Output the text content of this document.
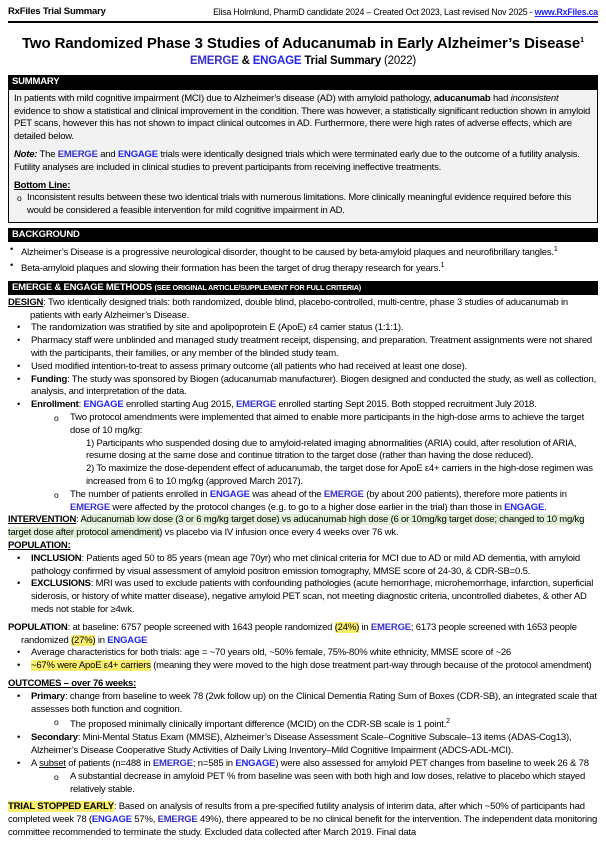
RxFiles Trial Summary	Elisa Holmlund, PharmD candidate 2024 – Created Oct 2023, Last revised Nov 2025 - www.RxFiles.ca
Two Randomized Phase 3 Studies of Aducanumab in Early Alzheimer’s Disease$^1$
EMERGE & ENGAGE Trial Summary (2022)
SUMMARY

In patients with mild cognitive impairment (MCI) due to Alzheimer’s disease (AD) with amyloid pathology, aducanumab had inconsistent evidence to show a statistical and clinical improvement in the condition. There was however, a statistically significant reduction shown in amyloid PET scans, however this has not shown to impact clinical outcomes in AD. Furthermore, there were high rates of adverse effects, which are detailed below.

Note: The EMERGE and ENGAGE trials were identically designed trials which were terminated early due to the outcome of a futility analysis. Futility analyses are included in clinical studies to prevent participants from receiving ineffective treatments.

Bottom Line:

o Inconsistent results between these two identical trials with numerous limitations. More clinically meaningful evidence required before this would be considered a feasible intervention for mild cognitive impairment in AD.
BACKGROUND
• Alzheimer’s Disease is a progressive neurological disorder, thought to be caused by beta-amyloid plaques and neurofibrillary tangles.$^1$
• Beta-amyloid plaques and slowing their formation has been the target of drug therapy research for years.$^1$
EMERGE & ENGAGE METHODS (SEE ORIGINAL ARTICLE/SUPPLEMENT FOR FULL CRITERIA)

DESIGN: Two identically designed trials: both randomized, double blind, placebo-controlled, multi-centre, phase 3 studies of aducanumab in patients with early Alzheimer’s Disease.

• The randomization was stratified by site and apolipoprotein E (ApoE) ε4 carrier status (1:1:1).
• Pharmacy staff were unblinded and managed study treatment receipt, dispensing, and preparation. Treatment assignments were not shared with the participants, their families, or any member of the blinded study team.
• Used modified intention-to-treat to assess primary outcome (all patients who had received at least one dose).
• Funding: The study was sponsored by Biogen (aducanumab manufacturer). Biogen designed and conducted the study, as well as collection, analysis, and interpretation of the data.
• Enrollment: ENGAGE enrolled starting Aug 2015, EMERGE enrolled starting Sept 2015. Both stopped recruitment July 2018.
o Two protocol amendments were implemented that aimed to enable more participants in the high-dose arms to achieve the target dose of 10 mg/kg:
1) Participants who suspended dosing due to amyloid-related imaging abnormalities (ARIA) could, after resolution of ARIA, resume dosing at the same dose and continue titration to the target dose (rather than having the dose reduced).
2) To maximize the dose-dependent effect of aducanumab, the target dose for ApoE ε4+ carriers in the high-dose regimen was increased from 6 to 10 mg/kg (approved March 2017).
o The number of patients enrolled in ENGAGE was ahead of the EMERGE (by about 200 patients), therefore more patients in EMERGE were affected by the protocol changes (e.g. to go to a higher dose earlier in the trial) than those in ENGAGE.

INTERVENTION: Aducanumab low dose (3 or 6 mg/kg target dose) vs aducanumab high dose (6 or 10mg/kg target dose; changed to 10 mg/kg target dose after protocol amendment) vs placebo via IV infusion once every 4 weeks over 76 wk.

POPULATION:

• INCLUSION: Patients aged 50 to 85 years (mean age 70yr) who met clinical criteria for MCI due to AD or mild AD dementia, with amyloid pathology confirmed by visual assessment of amyloid positron emission tomography, MMSE score of 24-30, & CDR-SB=0.5.
• EXCLUSIONS: MRI was used to exclude patients with confounding pathologies (acute hemorrhage, microhemorrhage, infarction, superficial siderosis, or history of white matter disease), negative amyloid PET scan, not meeting diagnostic criteria, uncontrolled diabetes, & other AD meds not stable for ≥4wk.

POPULATION: at baseline: 6757 people screened with 1643 people randomized (24%) in EMERGE; 6173 people screened with 1653 people randomized (27%) in ENGAGE

• Average characteristics for both trials: age = ~70 years old, ~50% female, 75%-80% white ethnicity, MMSE score of ~26
• ~67% were ApoE ε4+ carriers (meaning they were moved to the high dose treatment part-way through because of the protocol amendment)

OUTCOMES – over 76 weeks:

• Primary: change from baseline to week 78 (2wk follow up) on the Clinical Dementia Rating Sum of Boxes (CDR-SB), an integrated scale that assesses both function and cognition.
o The proposed minimally clinically important difference (MCID) on the CDR-SB scale is 1 point.$^2$
• Secondary: Mini-Mental Status Exam (MMSE), Alzheimer’s Disease Assessment Scale–Cognitive Subscale–13 items (ADAS-Cog13), Alzheimer’s Disease Cooperative Study Activities of Daily Living Inventory–Mild Cognitive Impairment (ADCS-ADL-MCI).
• A subset of patients (n=488 in EMERGE; n=585 in ENGAGE) were also assessed for amyloid PET changes from baseline to week 26 & 78
o A substantial decrease in amyloid PET % from baseline was seen with both high and low doses, relative to placebo which stayed relatively stable.

TRIAL STOPPED EARLY: Based on analysis of results from a pre-specified futility analysis of interim data, after which ~50% of participants had completed week 78 (ENGAGE 57%, EMERGE 49%), there appeared to be no clinical benefit for the intervention. The independent data monitoring committee recommended to terminate the study. Excluded data collected after March 2019. Final data
